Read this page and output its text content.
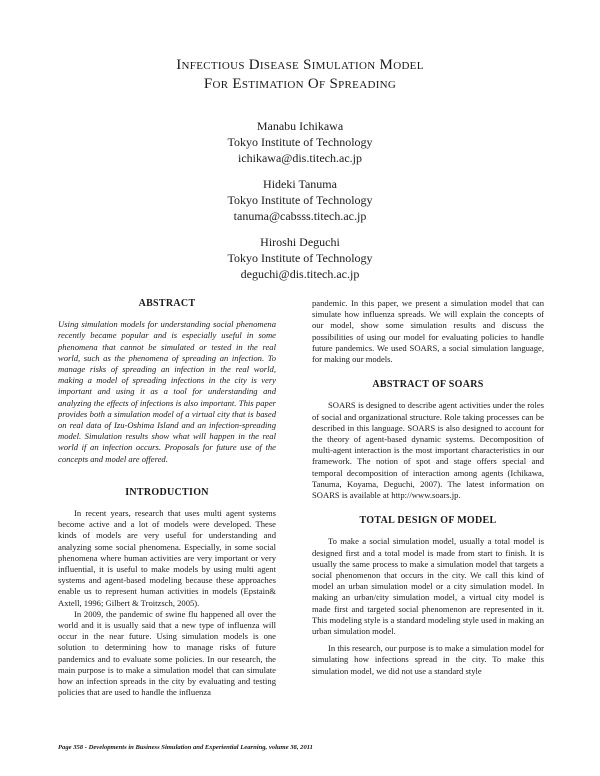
Infectious Disease Simulation Model
For Estimation Of Spreading
Manabu Ichikawa
Tokyo Institute of Technology
ichikawa@dis.titech.ac.jp
Hideki Tanuma
Tokyo Institute of Technology
tanuma@cabsss.titech.ac.jp
Hiroshi Deguchi
Tokyo Institute of Technology
deguchi@dis.titech.ac.jp
ABSTRACT
Using simulation models for understanding social phenomena recently became popular and is especially useful in some phenomena that cannot be simulated or tested in the real world, such as the phenomena of spreading an infection. To manage risks of spreading an infection in the real world, making a model of spreading infections in the city is very important and using it as a tool for understanding and analyzing the effects of infections is also important. This paper provides both a simulation model of a virtual city that is based on real data of Izu-Oshima Island and an infection-spreading model. Simulation results show what will happen in the real world if an infection occurs. Proposals for future use of the concepts and model are offered.
INTRODUCTION

In recent years, research that uses multi agent systems become active and a lot of models were developed. These kinds of models are very useful for understanding and analyzing some social phenomena. Especially, in some social phenomena where human activities are very important or very influential, it is useful to make models by using multi agent systems and agent-based modeling because these approaches enable us to represent human activities in models (Epstain& Axtell, 1996; Gilbert & Troitzsch, 2005).

In 2009, the pandemic of swine flu happened all over the world and it is usually said that a new type of influenza will occur in the near future. Using simulation models is one solution to determining how to manage risks of future pandemics and to evaluate some policies. In our research, the main purpose is to make a simulation model that can simulate how an infection spreads in the city by evaluating and testing policies that are used to handle the influenza

pandemic. In this paper, we present a simulation model that can simulate how influenza spreads. We will explain the concepts of our model, show some simulation results and discuss the possibilities of using our model for evaluating policies to handle future pandemics. We used SOARS, a social simulation language, for making our models.

ABSTRACT OF SOARS

SOARS is designed to describe agent activities under the roles of social and organizational structure. Role taking processes can be described in this language. SOARS is also designed to account for the theory of agent-based dynamic systems. Decomposition of multi-agent interaction is the most important characteristics in our framework. The notion of spot and stage offers special and temporal decomposition of interaction among agents (Ichikawa, Tanuma, Koyama, Deguchi, 2007). The latest information on SOARS is available at http://www.soars.jp.

TOTAL DESIGN OF MODEL

To make a social simulation model, usually a total model is designed first and a total model is made from start to finish. It is usually the same process to make a simulation model that targets a social phenomenon that occurs in the city. We call this kind of model an urban simulation model or a city simulation model. In making an urban/city simulation model, a virtual city model is made first and targeted social phenomenon are represented in it. This modeling style is a standard modeling style used in making an urban simulation model.

In this research, our purpose is to make a simulation model for simulating how infections spread in the city. To make this simulation model, we did not use a standard style

Page 358 - Developments in Business Simulation and Experiential Learning, volume 38, 2011
